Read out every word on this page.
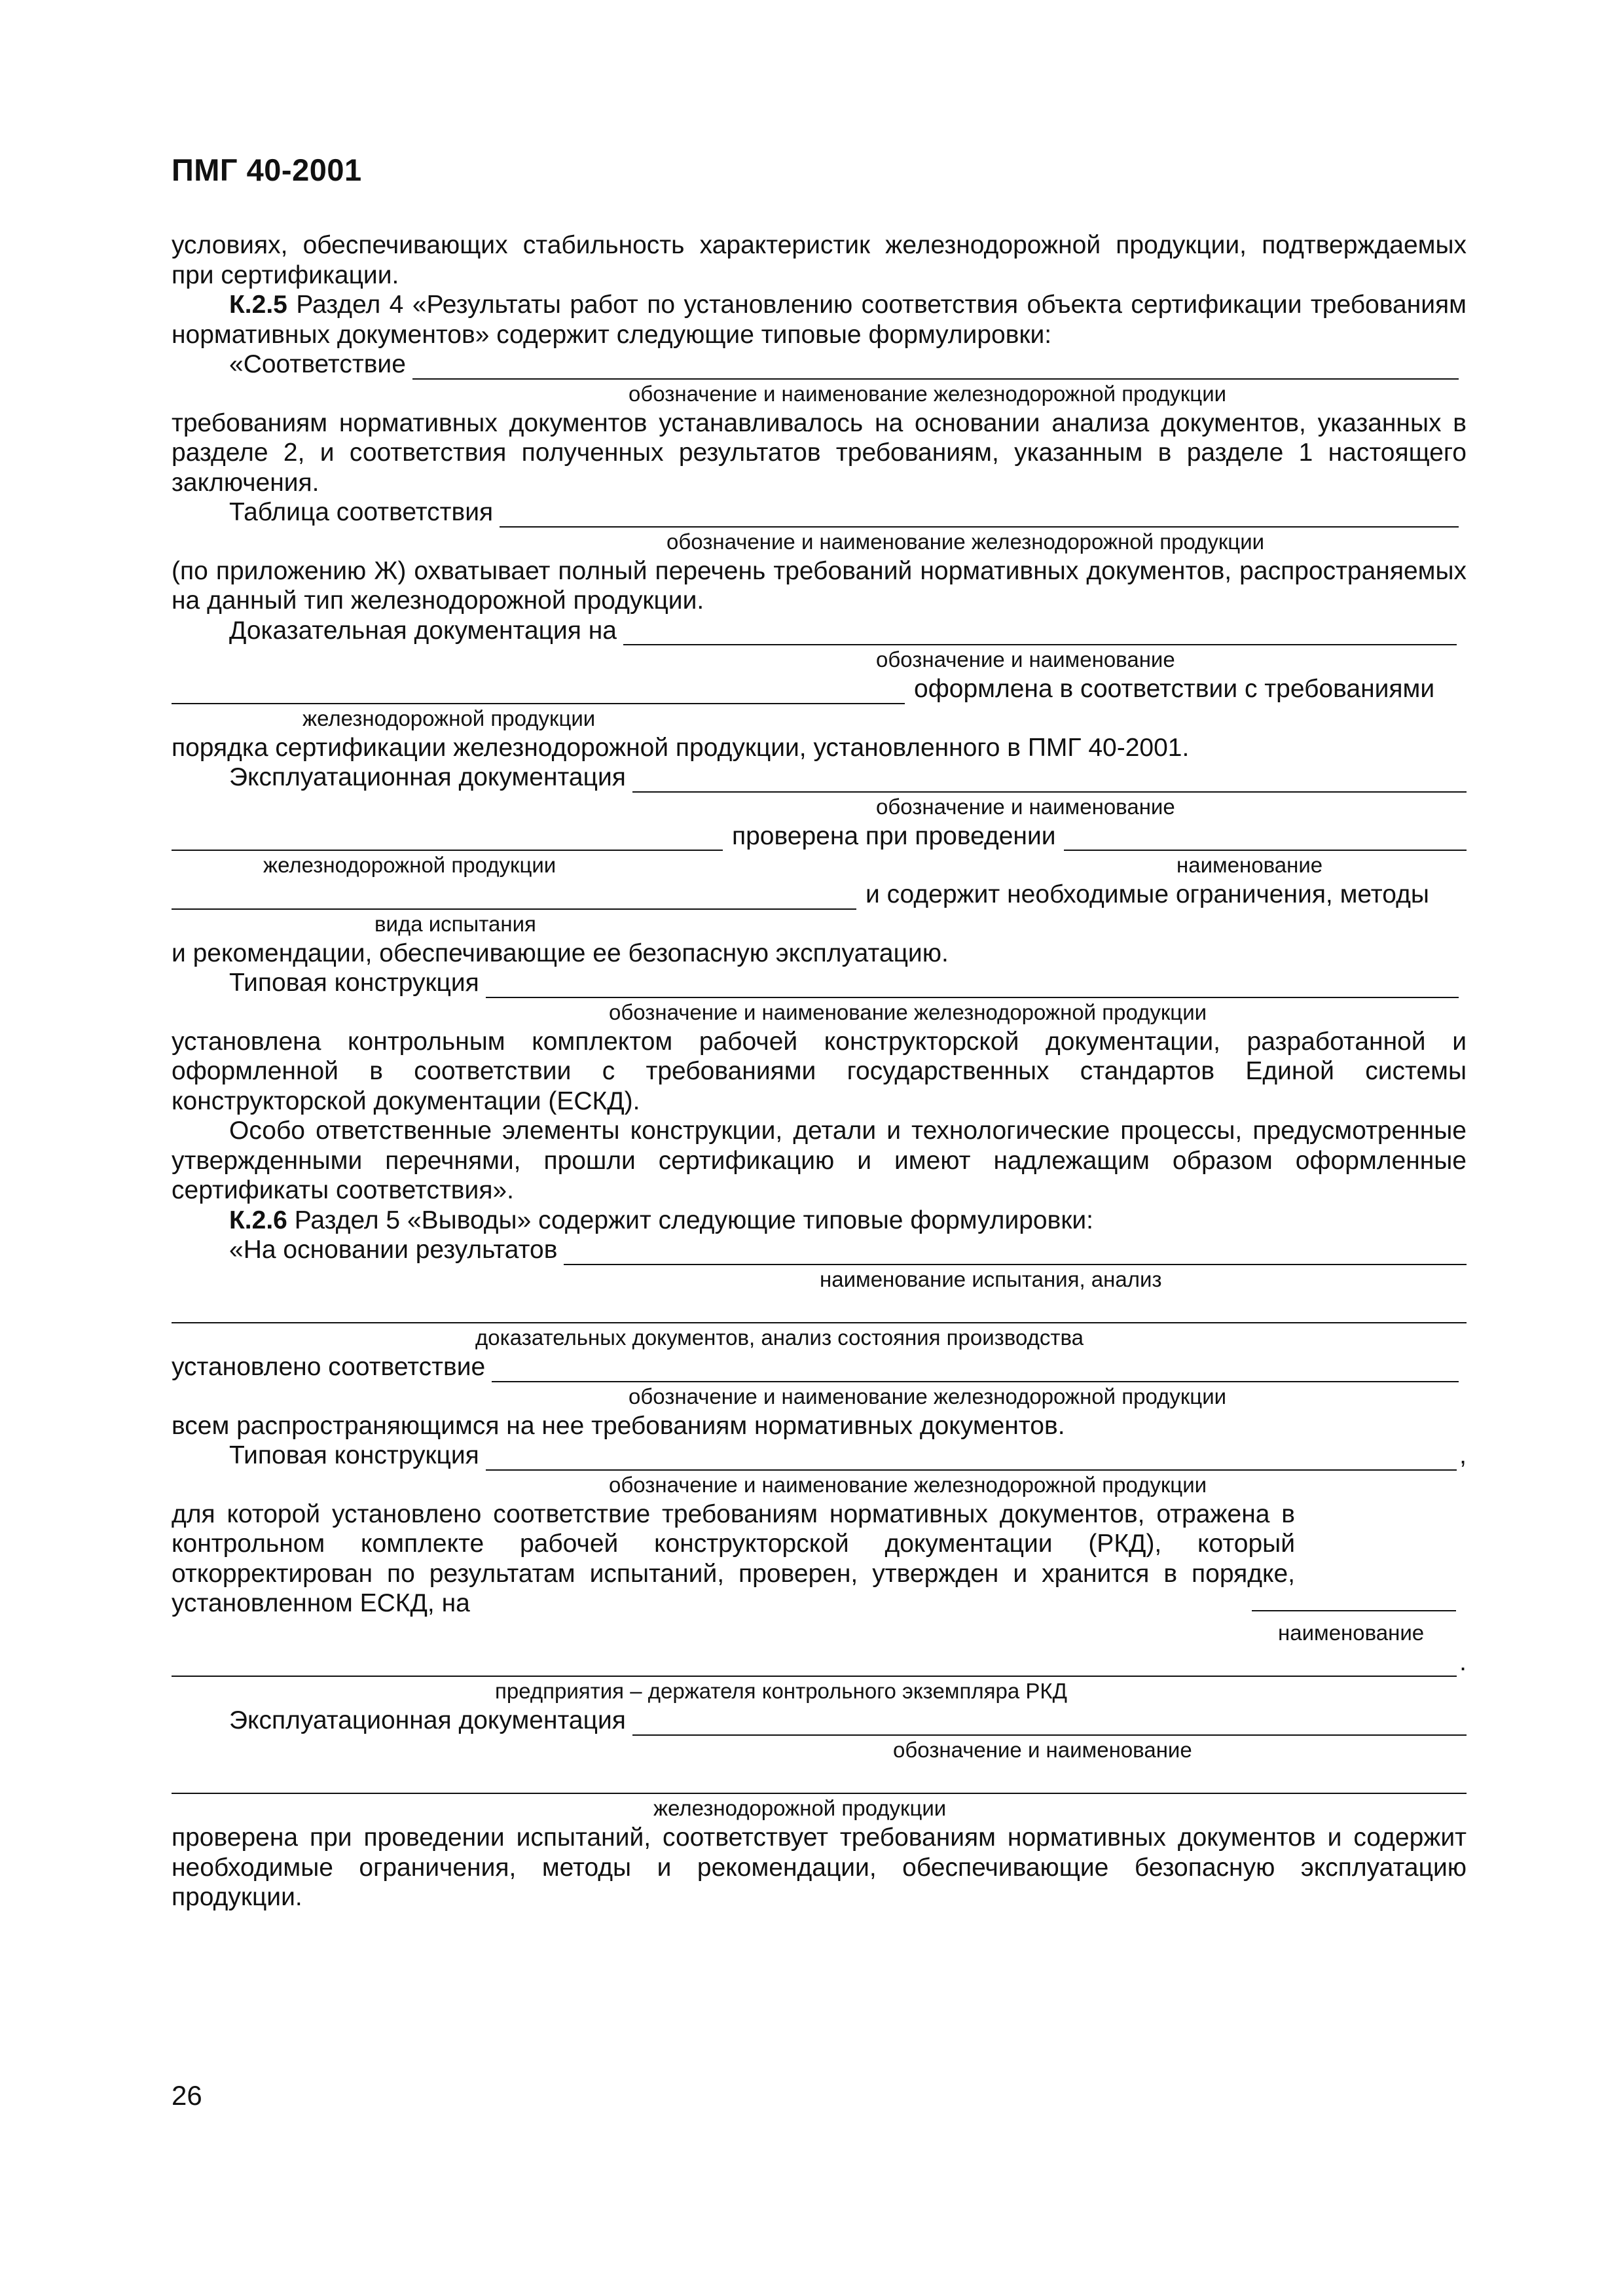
ПМГ 40-2001

условиях, обеспечивающих стабильность характеристик железнодорожной продукции, подтверждаемых при сертификации.

К.2.5 Раздел 4 «Результаты работ по установлению соответствия объекта сертификации требованиям нормативных документов» содержит следующие типовые формулировки:

«Соответствие
обозначение и наименование железнодорожной продукции

требованиям нормативных документов устанавливалось на основании анализа документов, указанных в разделе 2, и соответствия полученных результатов требованиям, указанным в разделе 1 настоящего заключения.

Таблица соответствия
обозначение и наименование железнодорожной продукции

(по приложению Ж) охватывает полный перечень требований нормативных документов, распространяемых на данный тип железнодорожной продукции.

Доказательная документация на
обозначение и наименование
оформлена в соответствии с требованиями
железнодорожной продукции

порядка сертификации железнодорожной продукции, установленного в ПМГ 40-2001.

Эксплуатационная документация
обозначение и наименование
проверена при проведении
железнодорожной продукции	наименование
и содержит необходимые ограничения, методы
вида испытания

и рекомендации, обеспечивающие ее безопасную эксплуатацию.

Типовая конструкция
обозначение и наименование железнодорожной продукции

установлена контрольным комплектом рабочей конструкторской документации, разработанной и оформленной в соответствии с требованиями государственных стандартов Единой системы конструкторской документации (ЕСКД).

Особо ответственные элементы конструкции, детали и технологические процессы, предусмотренные утвержденными перечнями, прошли сертификацию и имеют надлежащим образом оформленные сертификаты соответствия».

К.2.6 Раздел 5 «Выводы» содержит следующие типовые формулировки:

«На основании результатов
наименование испытания, анализ
доказательных документов, анализ состояния производства
установлено соответствие
обозначение и наименование железнодорожной продукции

всем распространяющимся на нее требованиям нормативных документов.

Типовая конструкция	,
обозначение и наименование железнодорожной продукции

для которой установлено соответствие требованиям нормативных документов, отражена в контрольном комплекте рабочей конструкторской документации (РКД), который откорректирован по результатам испытаний, проверен, утвержден и хранится в порядке, установленном ЕСКД, на

наименование
.
предприятия – держателя контрольного экземпляра РКД
Эксплуатационная документация
обозначение и наименование
железнодорожной продукции

проверена при проведении испытаний, соответствует требованиям нормативных документов и содержит необходимые ограничения, методы и рекомендации, обеспечивающие безопасную эксплуатацию продукции.

26
